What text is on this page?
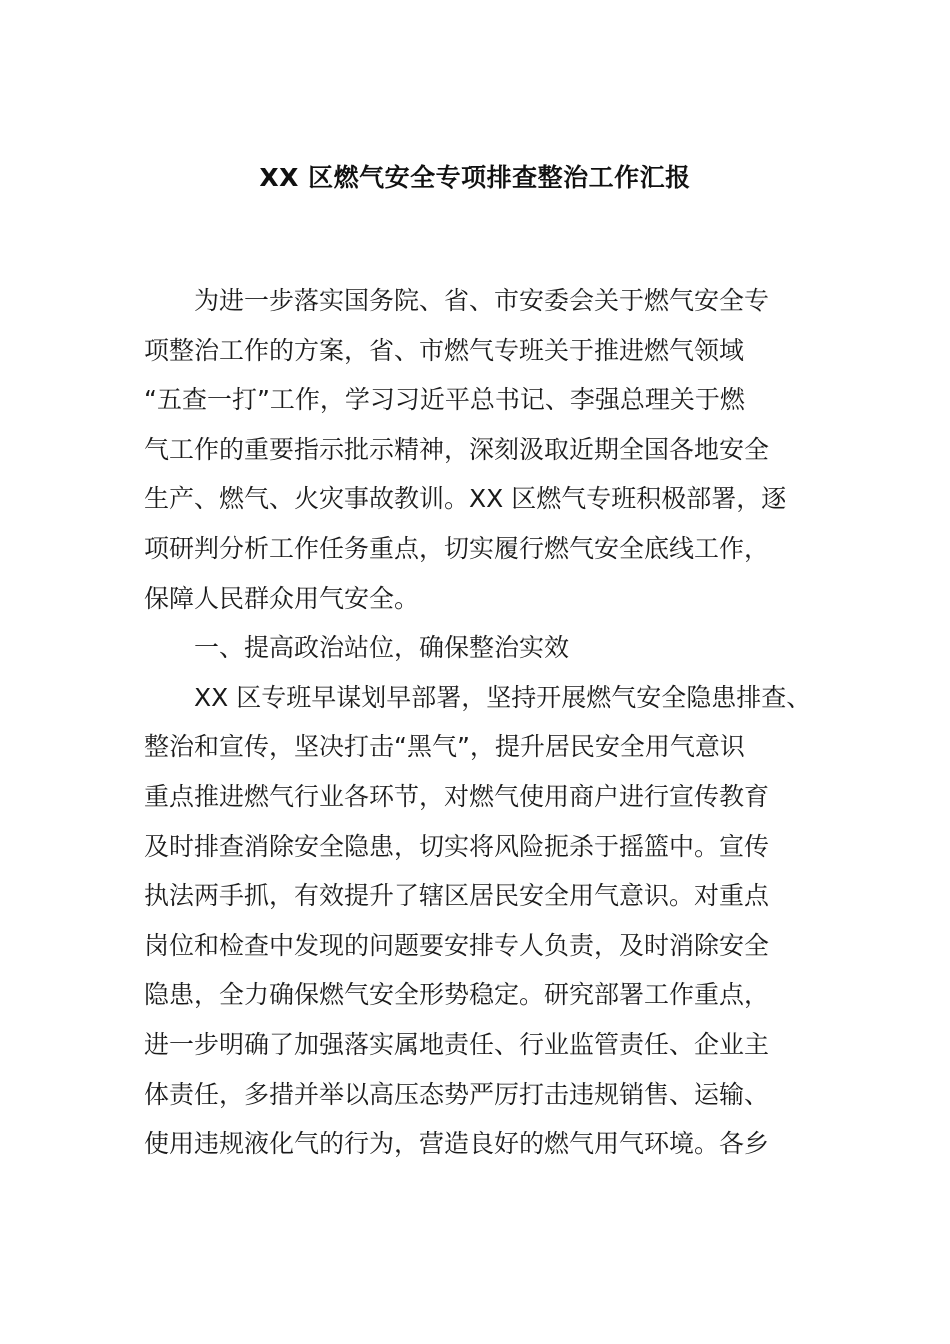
XX 区燃气安全专项排查整治工作汇报

为进一步落实国务院、省、市安委会关于燃气安全专
项整治工作的方案，省、市燃气专班关于推进燃气领域
“五查一打”工作，学习习近平总书记、李强总理关于燃
气工作的重要指示批示精神，深刻汲取近期全国各地安全
生产、燃气、火灾事故教训。XX 区燃气专班积极部署，逐
项研判分析工作任务重点，切实履行燃气安全底线工作，
保障人民群众用气安全。

一、提高政治站位，确保整治实效

XX 区专班早谋划早部署，坚持开展燃气安全隐患排查、
整治和宣传，坚决打击“黑气”，提升居民安全用气意识
重点推进燃气行业各环节，对燃气使用商户进行宣传教育
及时排查消除安全隐患，切实将风险扼杀于摇篮中。宣传
执法两手抓，有效提升了辖区居民安全用气意识。对重点
岗位和检查中发现的问题要安排专人负责，及时消除安全
隐患，全力确保燃气安全形势稳定。研究部署工作重点，
进一步明确了加强落实属地责任、行业监管责任、企业主
体责任，多措并举以高压态势严厉打击违规销售、运输、
使用违规液化气的行为，营造良好的燃气用气环境。各乡
